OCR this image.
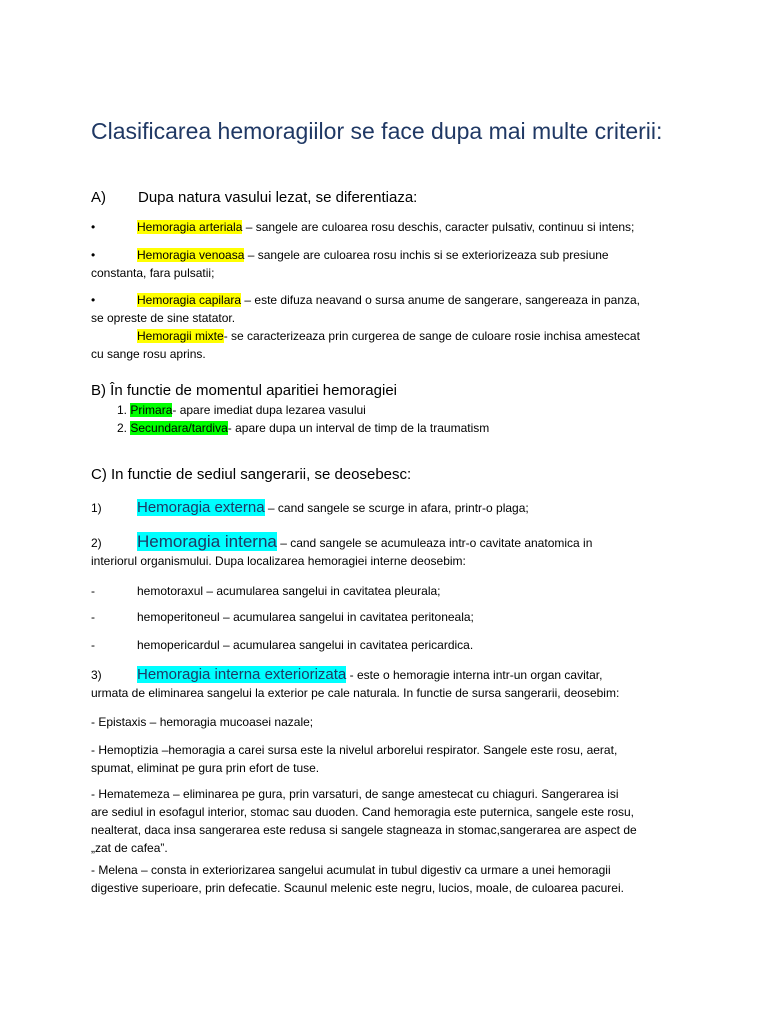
Clasificarea hemoragiilor se face dupa mai multe criterii:
A) Dupa natura vasului lezat, se diferentiaza:
•	Hemoragia arteriala – sangele are culoarea rosu deschis, caracter pulsativ, continuu si intens;
•	Hemoragia venoasa – sangele are culoarea rosu inchis si se exteriorizeaza sub presiune
constanta, fara pulsatii;
•	Hemoragia capilara – este difuza neavand o sursa anume de sangerare, sangereaza in panza,
se opreste de sine statator.
Hemoragii mixte- se caracterizeaza prin curgerea de sange de culoare rosie inchisa amestecat
cu sange rosu aprins.
B) În functie de momentul aparitiei hemoragiei
1. Primara- apare imediat dupa lezarea vasului
2. Secundara/tardiva- apare dupa un interval de timp de la traumatism
C) In functie de sediul sangerarii, se deosebesc:
1) Hemoragia externa – cand sangele se scurge in afara, printr-o plaga;
2) Hemoragia interna – cand sangele se acumuleaza intr-o cavitate anatomica in
interiorul organismului. Dupa localizarea hemoragiei interne deosebim:
-	hemotoraxul – acumularea sangelui in cavitatea pleurala;
-	hemoperitoneul – acumularea sangelui in cavitatea peritoneala;
-	hemopericardul – acumularea sangelui in cavitatea pericardica.
3) Hemoragia interna exteriorizata - este o hemoragie interna intr-un organ cavitar,
urmata de eliminarea sangelui la exterior pe cale naturala. In functie de sursa sangerarii, deosebim:
- Epistaxis – hemoragia mucoasei nazale;
- Hemoptizia –hemoragia a carei sursa este la nivelul arborelui respirator. Sangele este rosu, aerat,
spumat, eliminat pe gura prin efort de tuse.
- Hematemeza – eliminarea pe gura, prin varsaturi, de sange amestecat cu chiaguri. Sangerarea isi
are sediul in esofagul interior, stomac sau duoden. Cand hemoragia este puternica, sangele este rosu,
nealterat, daca insa sangerarea este redusa si sangele stagneaza in stomac,sangerarea are aspect de
„zat de cafea”.
- Melena – consta in exteriorizarea sangelui acumulat in tubul digestiv ca urmare a unei hemoragii
digestive superioare, prin defecatie. Scaunul melenic este negru, lucios, moale, de culoarea pacurei.
